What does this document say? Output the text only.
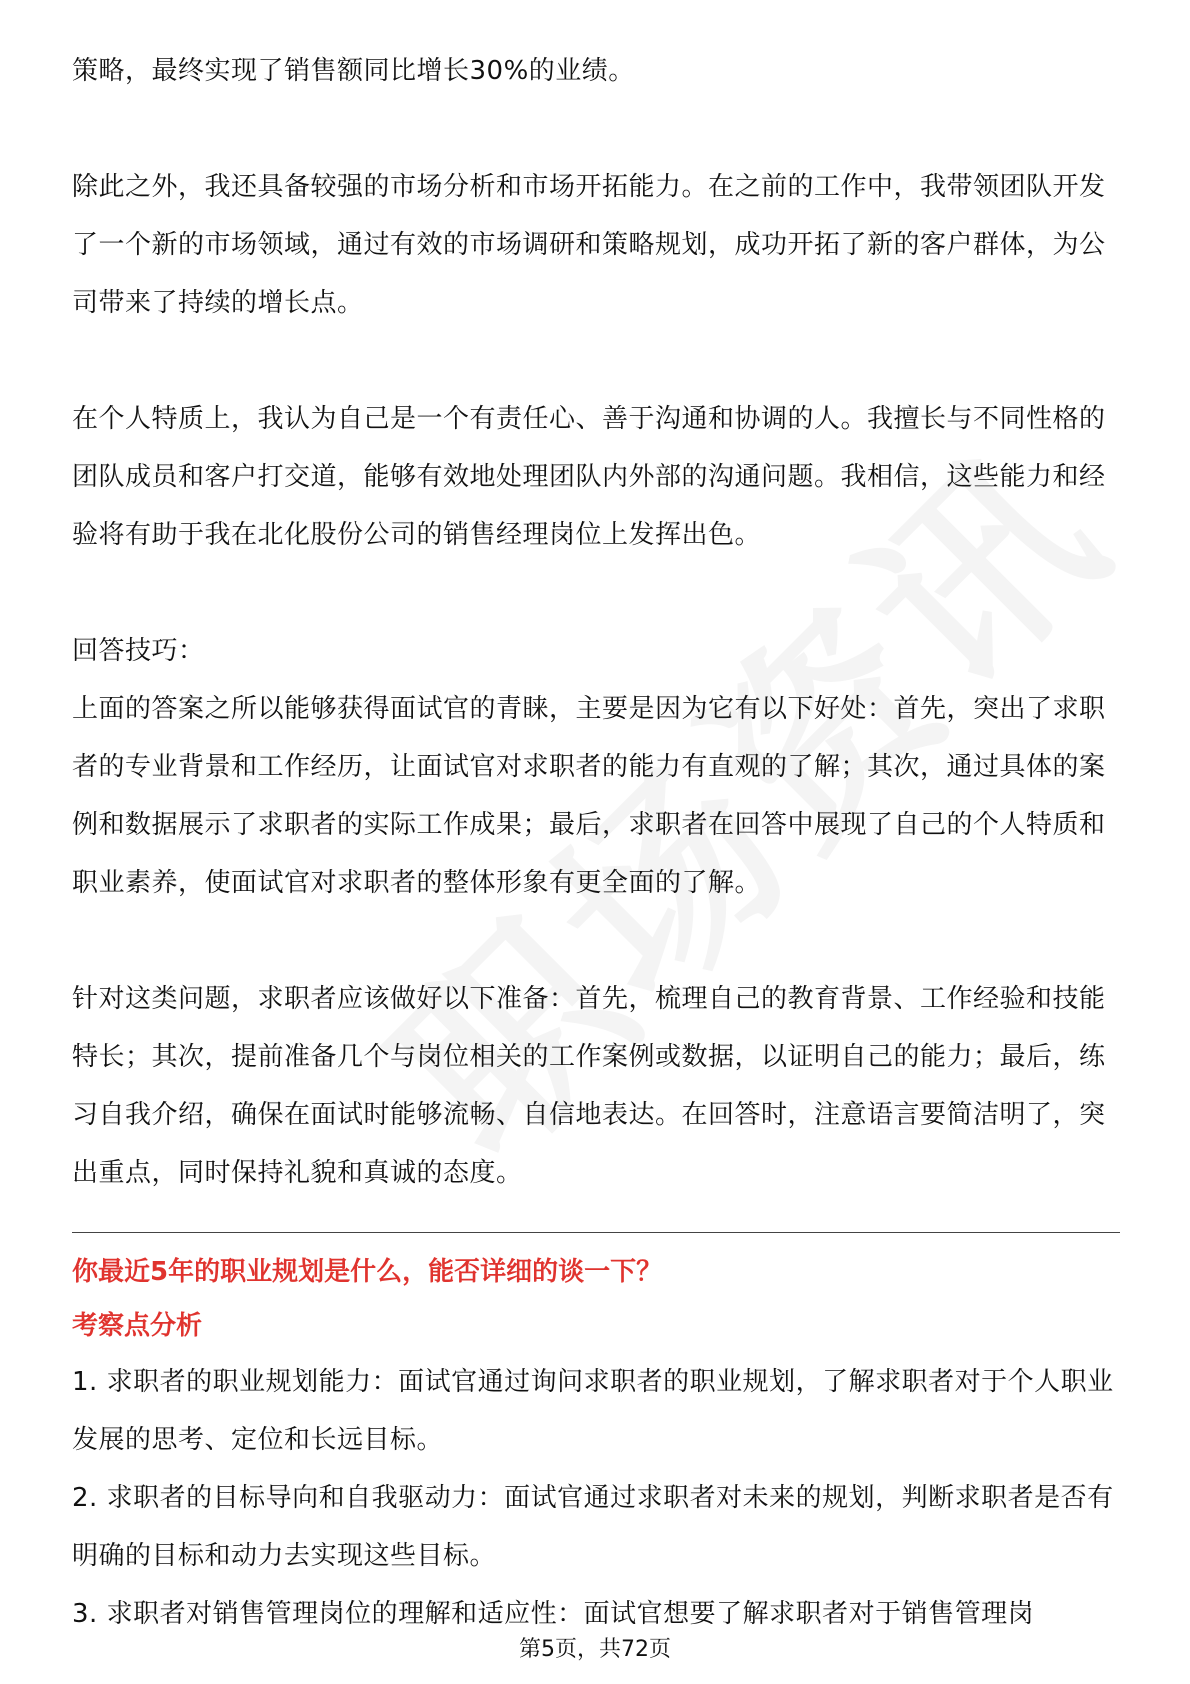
策略，最终实现了销售额同比增长30%的业绩。

除此之外，我还具备较强的市场分析和市场开拓能力。在之前的工作中，我带领团队开发了一个新的市场领域，通过有效的市场调研和策略规划，成功开拓了新的客户群体，为公司带来了持续的增长点。

在个人特质上，我认为自己是一个有责任心、善于沟通和协调的人。我擅长与不同性格的团队成员和客户打交道，能够有效地处理团队内外部的沟通问题。我相信，这些能力和经验将有助于我在北化股份公司的销售经理岗位上发挥出色。

回答技巧：

上面的答案之所以能够获得面试官的青睐，主要是因为它有以下好处：首先，突出了求职者的专业背景和工作经历，让面试官对求职者的能力有直观的了解；其次，通过具体的案例和数据展示了求职者的实际工作成果；最后，求职者在回答中展现了自己的个人特质和职业素养，使面试官对求职者的整体形象有更全面的了解。

针对这类问题，求职者应该做好以下准备：首先，梳理自己的教育背景、工作经验和技能特长；其次，提前准备几个与岗位相关的工作案例或数据，以证明自己的能力；最后，练习自我介绍，确保在面试时能够流畅、自信地表达。在回答时，注意语言要简洁明了，突出重点，同时保持礼貌和真诚的态度。

你最近5年的职业规划是什么，能否详细的谈一下？

考察点分析

1. 求职者的职业规划能力：面试官通过询问求职者的职业规划，了解求职者对于个人职业发展的思考、定位和长远目标。

2. 求职者的目标导向和自我驱动力：面试官通过求职者对未来的规划，判断求职者是否有明确的目标和动力去实现这些目标。

3. 求职者对销售管理岗位的理解和适应性：面试官想要了解求职者对于销售管理岗

第5页，共72页
